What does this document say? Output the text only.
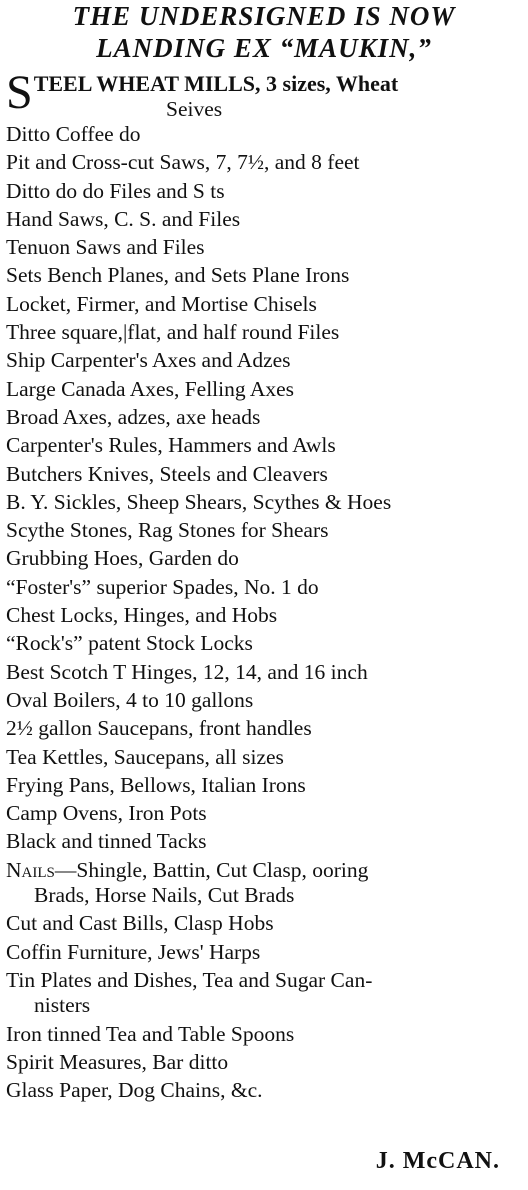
THE UNDERSIGNED IS NOW
LANDING EX “MAUKIN,”
S TEEL WHEAT MILLS, 3 sizes, Wheat
Seives
Ditto Coffee do
Pit and Cross-cut Saws, 7, 7½, and 8 feet
Ditto do do Files and S ts
Hand Saws, C. S. and Files
Tenuon Saws and Files
Sets Bench Planes, and Sets Plane Irons
Locket, Firmer, and Mortise Chisels
Three square,|flat, and half round Files
Ship Carpenter's Axes and Adzes
Large Canada Axes, Felling Axes
Broad Axes, adzes, axe heads
Carpenter's Rules, Hammers and Awls
Butchers Knives, Steels and Cleavers
B. Y. Sickles, Sheep Shears, Scythes & Hoes
Scythe Stones, Rag Stones for Shears
Grubbing Hoes, Garden do
“Foster's” superior Spades, No. 1 do
Chest Locks, Hinges, and Hobs
“Rock's” patent Stock Locks
Best Scotch T Hinges, 12, 14, and 16 inch
Oval Boilers, 4 to 10 gallons
2½ gallon Saucepans, front handles
Tea Kettles, Saucepans, all sizes
Frying Pans, Bellows, Italian Irons
Camp Ovens, Iron Pots
Black and tinned Tacks
Nails—Shingle, Battin, Cut Clasp, ooring
Brads, Horse Nails, Cut Brads
Cut and Cast Bills, Clasp Hobs
Coffin Furniture, Jews' Harps
Tin Plates and Dishes, Tea and Sugar Can-
nisters
Iron tinned Tea and Table Spoons
Spirit Measures, Bar ditto
Glass Paper, Dog Chains, &c.
J. McCAN.
